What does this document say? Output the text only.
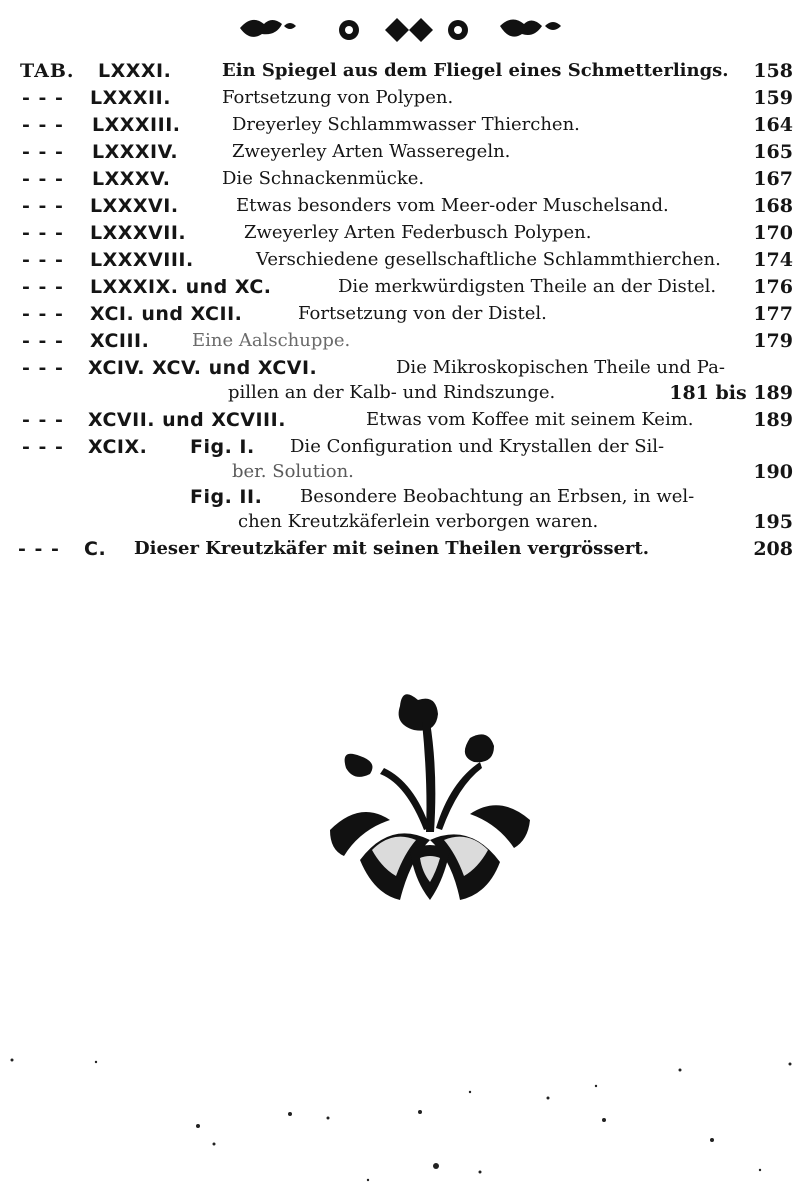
TAB. LXXXI.	Ein Spiegel aus dem Fliegel eines Schmetterlings. 158
- - - LXXXII.	Fortsetzung von Polypen.	159
- - - LXXXIII.	Dreyerley Schlammwasser Thierchen.	164
- - - LXXXIV.	Zweyerley Arten Wasseregeln.	165
- - - LXXXV.	Die Schnackenmücke.	167
- - - LXXXVI.	Etwas besonders vom Meer-oder Muschelsand.	168
- - - LXXXVII.	Zweyerley Arten Federbusch Polypen.	170
- - - LXXXVIII.	Verschiedene gesellschaftliche Schlammthierchen. 174
- - - LXXXIX. und XC.	Die merkwürdigsten Theile an der Distel. 176
- - - XCI. und XCII.	Fortsetzung von der Distel.	177
- - - XCIII. Eine Aalschuppe.	179
- - - XCIV. XCV. und XCVI.	Die Mikroskopischen Theile und Pa-
pillen an der Kalb- und Rindszunge.	181 bis 189
- - - XCVII. und XCVIII.	Etwas vom Koffee mit seinem Keim.	189
- - - XCIX. Fig. I. Die Configuration und Krystallen der Sil-
ber. Solution.	190
Fig. II. Besondere Beobachtung an Erbsen, in wel-
chen Kreutzkäferlein verborgen waren.	195
- - - C. Dieser Kreutzkäfer mit seinen Theilen vergrössert.	208
